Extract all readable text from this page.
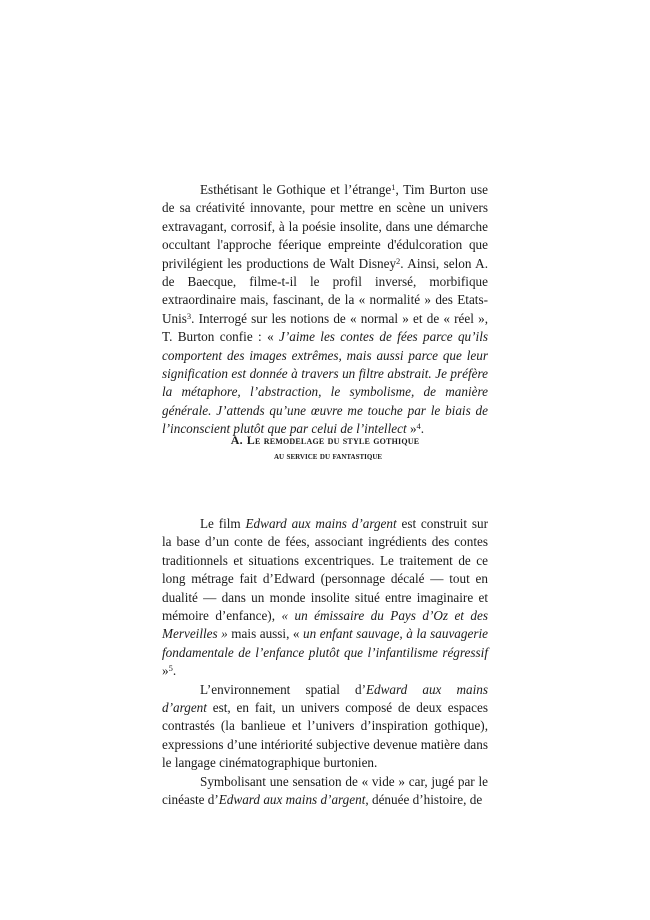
Esthétisant le Gothique et l’étrange$^1$, Tim Burton use de sa créativité innovante, pour mettre en scène un univers extravagant, corrosif, à la poésie insolite, dans une démarche occultant l'approche féerique empreinte d'édulcoration que privilégient les productions de Walt Disney$^2$. Ainsi, selon A. de Baecque, filme-t-il le profil inversé, morbifique extraordinaire mais, fascinant, de la « normalité » des Etats-Unis$^3$. Interrogé sur les notions de « normal » et de « réel », T. Burton confie : « J’aime les contes de fées parce qu’ils comportent des images extrêmes, mais aussi parce que leur signification est donnée à travers un filtre abstrait. Je préfère la métaphore, l’abstraction, le symbolisme, de manière générale. J’attends qu’une œuvre me touche par le biais de l’inconscient plutôt que par celui de l’intellect »$^4$.

A. Le remodelage du style gothique
au service du fantastique

Le film Edward aux mains d’argent est construit sur la base d’un conte de fées, associant ingrédients des contes traditionnels et situations excentriques. Le traitement de ce long métrage fait d’Edward (personnage décalé — tout en dualité — dans un monde insolite situé entre imaginaire et mémoire d’enfance), « un émissaire du Pays d’Oz et des Merveilles » mais aussi, « un enfant sauvage, à la sauvagerie fondamentale de l’enfance plutôt que l’infantilisme régressif »$^5$.

L’environnement spatial d’Edward aux mains d’argent est, en fait, un univers composé de deux espaces contrastés (la banlieue et l’univers d’inspiration gothique), expressions d’une intériorité subjective devenue matière dans le langage cinématographique burtonien.

Symbolisant une sensation de « vide » car, jugé par le cinéaste d’Edward aux mains d’argent, dénuée d’histoire, de
